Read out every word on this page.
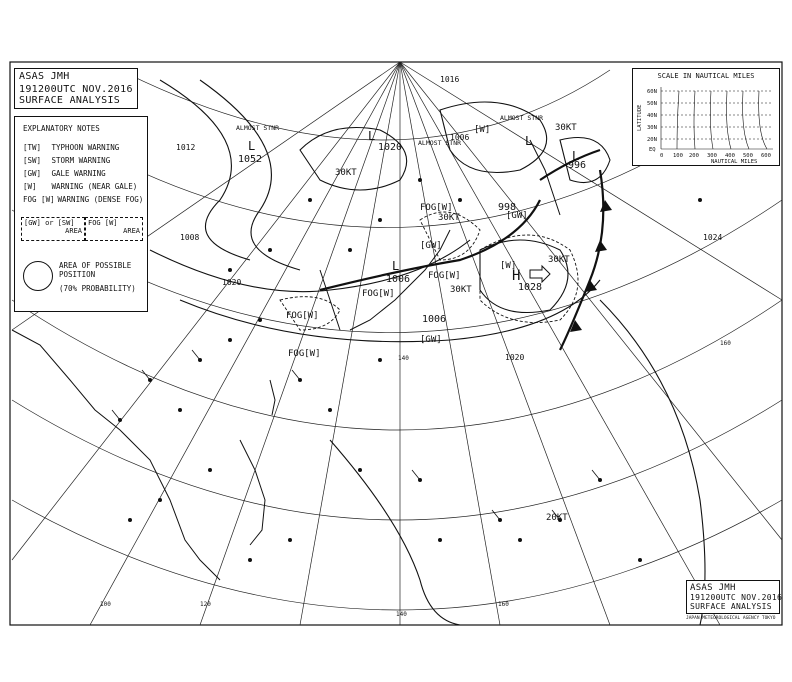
L
1020
L
1006
L
998
L
996
L
1052
H
1028
1006
1020
1006
1016
1008
1020
1024
1012
FOG[W]
FOG[W]
FOG[W]
FOG[W]
FOG[W]
[GW]
[GW]
[GW]
[W]
[W]
30KT
30KT
30KT
30KT
30KT
20KT
ALMOST STNR
ALMOST STNR
ALMOST STNR
140
160
120
100
160
140
ASAS JMH
191200UTC NOV.2016
SURFACE ANALYSIS
EXPLANATORY NOTES
[TW] TYPHOON WARNING
[SW] STORM WARNING
[GW] GALE WARNING
[W] WARNING (NEAR GALE)
FOG [W] WARNING (DENSE FOG)
[GW] or [SW]
AREA
FOG [W]
AREA
AREA OF POSSIBLE
POSITION
(70% PROBABILITY)
SCALE IN NAUTICAL MILES
60N
50N
40N
30N
20N
EQ
0 100 200 300 400 500 600
NAUTICAL MILES
LATITUDE
ASAS JMH
191200UTC NOV.2016
SURFACE ANALYSIS
JAPAN METEOROLOGICAL AGENCY TOKYO
